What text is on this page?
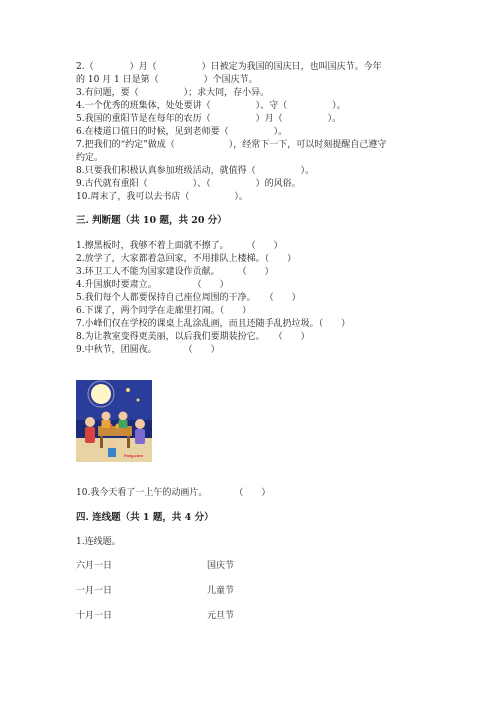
2.（　　　　）月（　　　　　）日被定为我国的国庆日，也叫国庆节。今年
的 10 月 1 日是第（　　　　　）个国庆节。
3.有问题，要（　　　　　）；求大同，存小异。
4.一个优秀的班集体，处处要讲（　　　　　）、守（　　　　　）。
5.我国的重阳节是在每年的农历（　　　　　）月（　　　　　）。
6.在楼道口值日的时候，见到老师要（　　　　　）。
7.把我们的“约定”做成（　　　　　　），经常下一下，可以时刻提醒自己遵守
约定。
8.只要我们积极认真参加班级活动，就值得（　　　　　）。
9.古代就有重阳（　　　　　）、（　　　　　）的风俗。
10.周末了，我可以去书店（　　　　　）。
三. 判断题（共 10 题，共 20 分）
1.擦黑板时，我够不着上面就不擦了。　　　（　　）
2.放学了，大家都着急回家，不用排队上楼梯。（　　）
3.环卫工人不能为国家建设作贡献。　　　（　　）
4.升国旗时要肃立。　　　　　（　　）
5.我们每个人都要保持自己座位周围的干净。　　（　　）
6.下课了，两个同学在走廊里打闹。（　　）
7.小峰们仅在学校的课桌上乱涂乱画，而且还随手乱扔垃圾。（　　）
8.为让教室变得更美丽，以后我们要期装扮它。　　（　　）
9.中秋节，团圆夜。　　　　（　　）
Fang.com
10.我今天看了一上午的动画片。　　　　（　　）
四. 连线题（共 1 题，共 4 分）
1.连线题。
六月一日	国庆节
一月一日	儿童节
十月一日	元旦节
